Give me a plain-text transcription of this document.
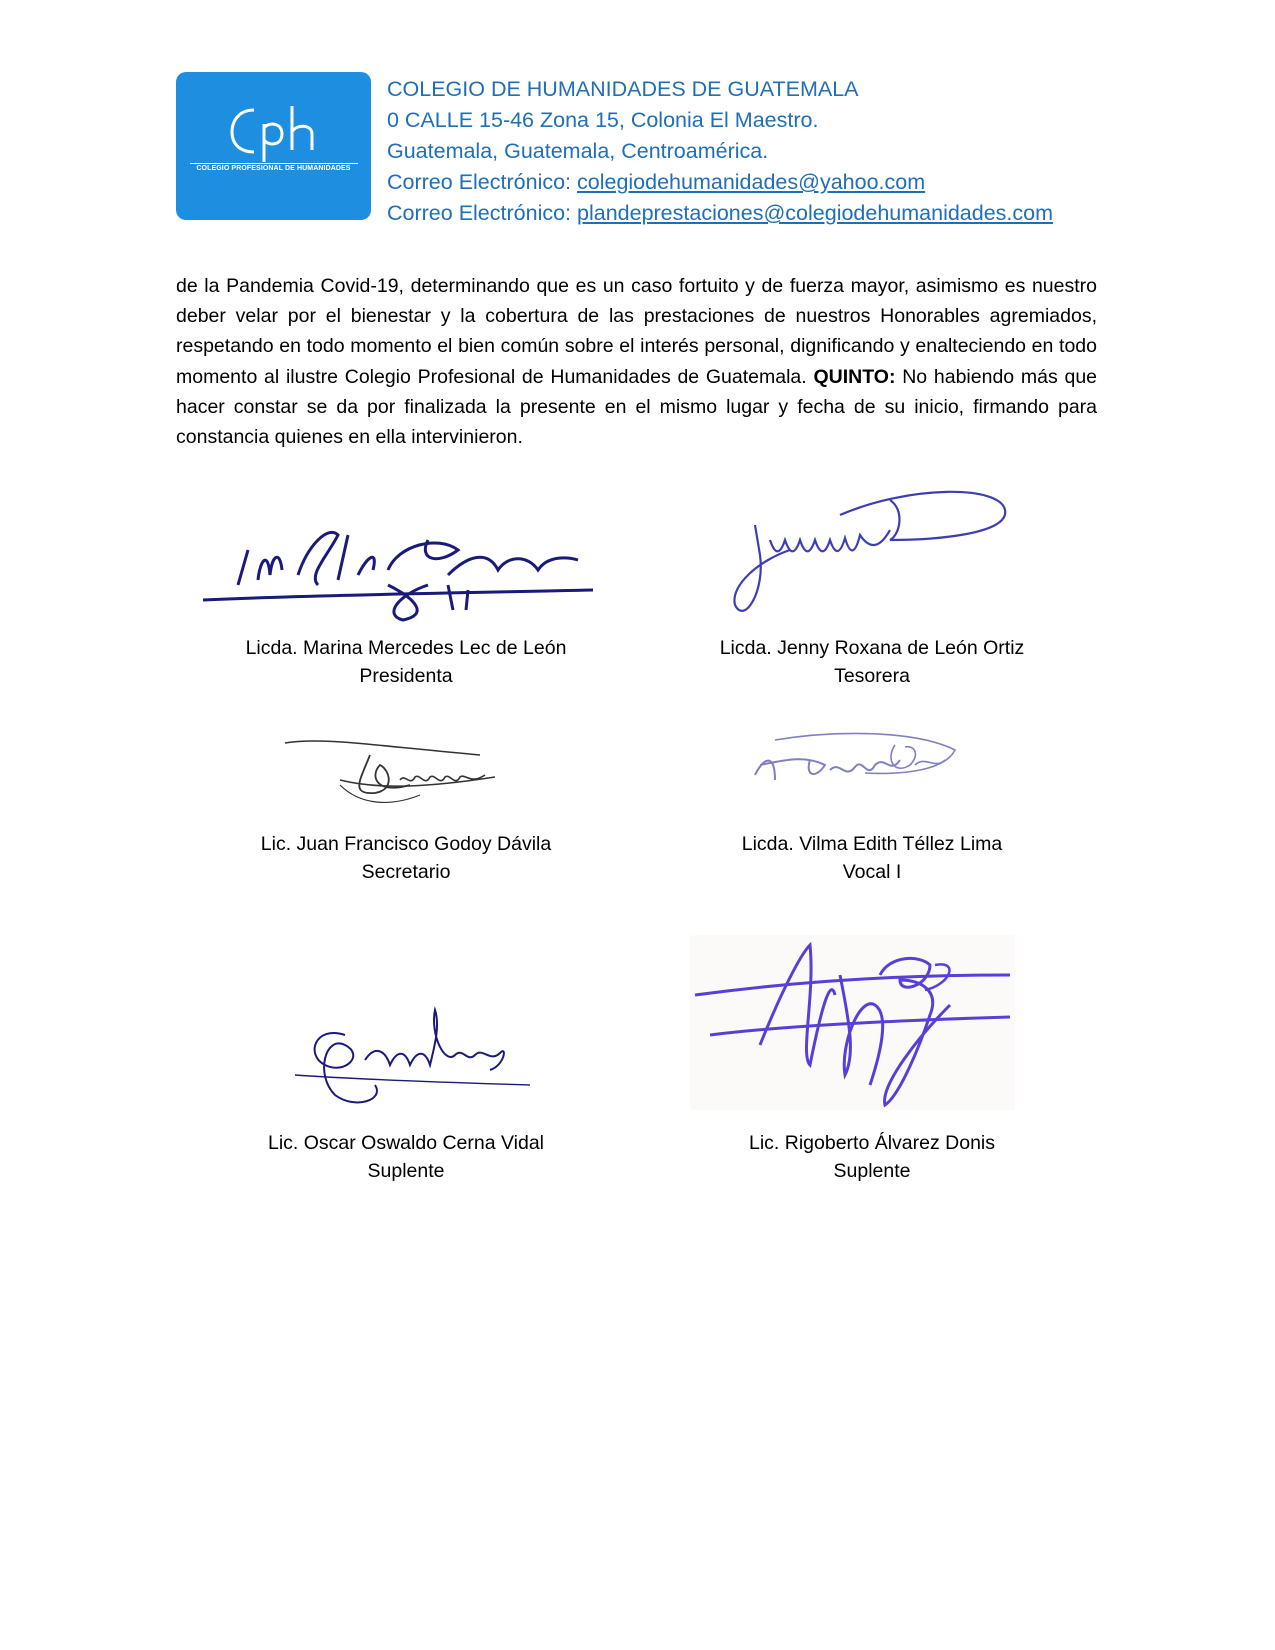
COLEGIO PROFESIONAL DE HUMANIDADES
COLEGIO DE HUMANIDADES DE GUATEMALA
0 CALLE 15-46 Zona 15, Colonia El Maestro.
Guatemala, Guatemala, Centroamérica.
Correo Electrónico: colegiodehumanidades@yahoo.com
Correo Electrónico: plandeprestaciones@colegiodehumanidades.com
de la Pandemia Covid-19, determinando que es un caso fortuito y de fuerza mayor, asimismo es nuestro deber velar por el bienestar y la cobertura de las prestaciones de nuestros Honorables agremiados, respetando en todo momento el bien común sobre el interés personal, dignificando y enalteciendo en todo momento al ilustre Colegio Profesional de Humanidades de Guatemala. QUINTO: No habiendo más que hacer constar se da por finalizada la presente en el mismo lugar y fecha de su inicio, firmando para constancia quienes en ella intervinieron.
Licda. Marina Mercedes Lec de León
Presidenta
Licda. Jenny Roxana de León Ortiz
Tesorera
Lic. Juan Francisco Godoy Dávila
Secretario
Licda. Vilma Edith Téllez Lima
Vocal I
Lic. Oscar Oswaldo Cerna Vidal
Suplente
Lic. Rigoberto Álvarez Donis
Suplente
